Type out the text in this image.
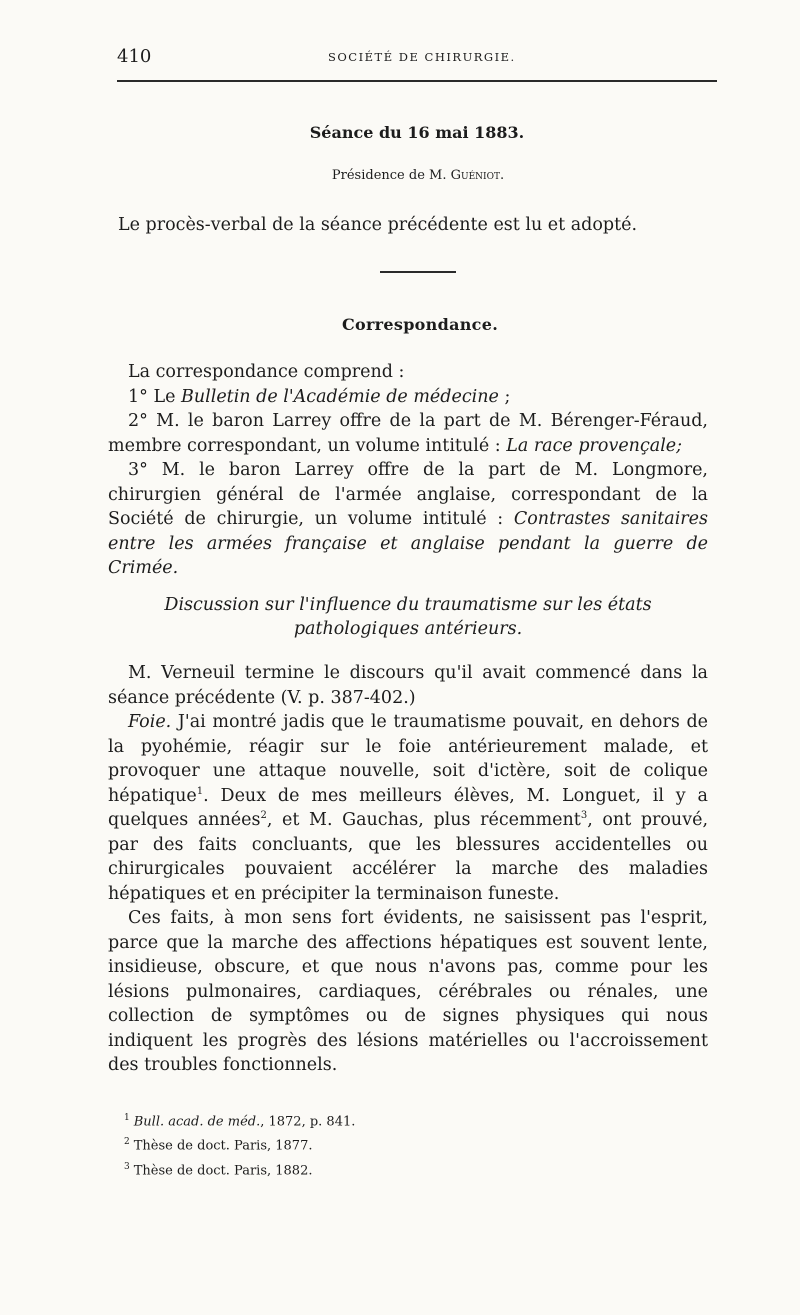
410	SOCIÉTÉ DE CHIRURGIE.
Séance du 16 mai 1883.
Présidence de M. Guéniot.
Le procès-verbal de la séance précédente est lu et adopté.
Correspondance.

La correspondance comprend :

1° Le Bulletin de l'Académie de médecine ;

2° M. le baron Larrey offre de la part de M. Bérenger-Féraud, membre correspondant, un volume intitulé : La race provençale;

3° M. le baron Larrey offre de la part de M. Longmore, chirurgien général de l'armée anglaise, correspondant de la Société de chirurgie, un volume intitulé : Contrastes sanitaires entre les armées française et anglaise pendant la guerre de Crimée.

Discussion sur l'influence du traumatisme sur les états pathologiques antérieurs.

M. Verneuil termine le discours qu'il avait commencé dans la séance précédente (V. p. 387-402.)

Foie. J'ai montré jadis que le traumatisme pouvait, en dehors de la pyohémie, réagir sur le foie antérieurement malade, et provoquer une attaque nouvelle, soit d'ictère, soit de colique hépatique$^1$. Deux de mes meilleurs élèves, M. Longuet, il y a quelques années$^2$, et M. Gauchas, plus récemment$^3$, ont prouvé, par des faits concluants, que les blessures accidentelles ou chirurgicales pouvaient accélérer la marche des maladies hépatiques et en précipiter la terminaison funeste.

Ces faits, à mon sens fort évidents, ne saisissent pas l'esprit, parce que la marche des affections hépatiques est souvent lente, insidieuse, obscure, et que nous n'avons pas, comme pour les lésions pulmonaires, cardiaques, cérébrales ou rénales, une collection de symptômes ou de signes physiques qui nous indiquent les progrès des lésions matérielles ou l'accroissement des troubles fonctionnels.

$^1$ Bull. acad. de méd., 1872, p. 841.
$^2$ Thèse de doct. Paris, 1877.
$^3$ Thèse de doct. Paris, 1882.
